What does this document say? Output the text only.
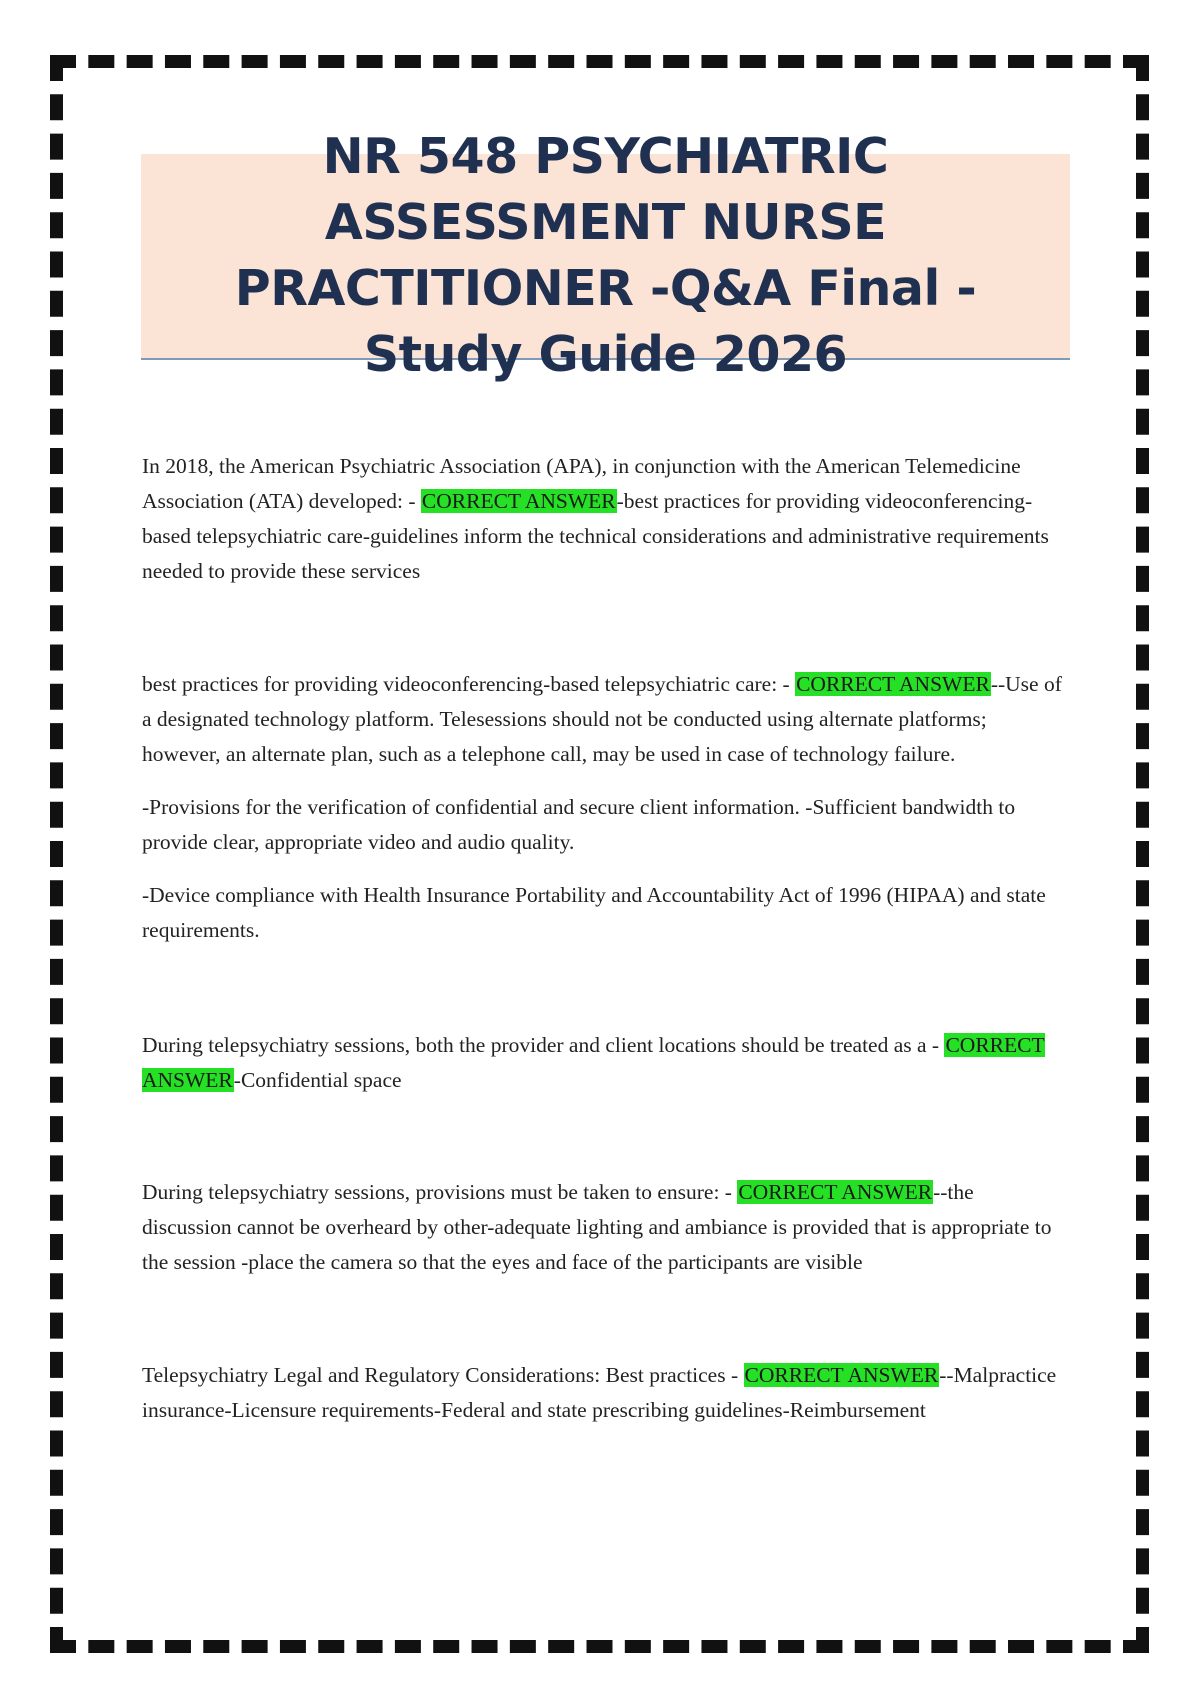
NR 548 PSYCHIATRIC ASSESSMENT NURSE PRACTITIONER -Q&A Final - Study Guide 2026

In 2018, the American Psychiatric Association (APA), in conjunction with the American Telemedicine Association (ATA) developed: - CORRECT ANSWER-best practices for providing videoconferencing-based telepsychiatric care-guidelines inform the technical considerations and administrative requirements needed to provide these services

best practices for providing videoconferencing-based telepsychiatric care: - CORRECT ANSWER--Use of a designated technology platform. Telesessions should not be conducted using alternate platforms; however, an alternate plan, such as a telephone call, may be used in case of technology failure.

-Provisions for the verification of confidential and secure client information. -Sufficient bandwidth to provide clear, appropriate video and audio quality.

-Device compliance with Health Insurance Portability and Accountability Act of 1996 (HIPAA) and state requirements.

During telepsychiatry sessions, both the provider and client locations should be treated as a - CORRECT ANSWER-Confidential space

During telepsychiatry sessions, provisions must be taken to ensure: - CORRECT ANSWER--the discussion cannot be overheard by other-adequate lighting and ambiance is provided that is appropriate to the session -place the camera so that the eyes and face of the participants are visible

Telepsychiatry Legal and Regulatory Considerations: Best practices - CORRECT ANSWER--Malpractice insurance-Licensure requirements-Federal and state prescribing guidelines-Reimbursement
